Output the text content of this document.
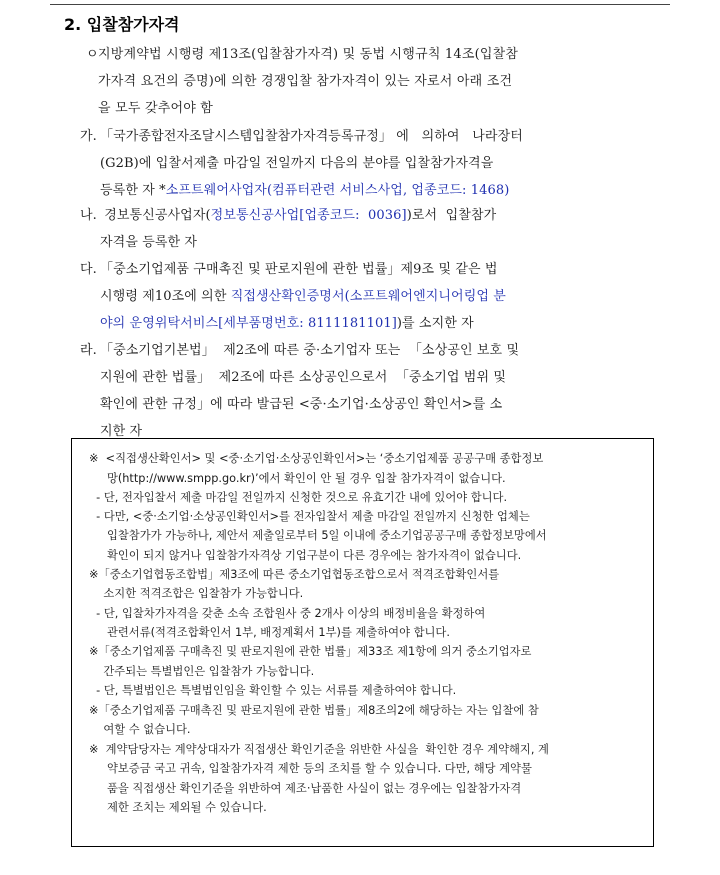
2. 입찰참가자격
ㅇ 지방계약법 시행령 제13조(입찰참가자격) 및 동법 시행규칙 14조(입찰참
가자격 요건의 증명)에 의한 경쟁입찰 참가자격이 있는 자로서 아래 조건
을 모두 갖추어야 함
가. 「국가종합전자조달시스템입찰참가자격등록규정」 에   의하여   나라장터
(G2B)에 입찰서제출 마감일 전일까지 다음의 분야를 입찰참가자격을
등록한 자 *소프트웨어사업자(컴퓨터관련 서비스사업, 업종코드: 1468)
나. 경보통신공사업자(정보통신공사업[업종코드:  0036])로서  입찰참가
자격을 등록한 자
다. 「중소기업제품 구매촉진 및 판로지원에 관한 법률」제9조 및 같은 법
시행령 제10조에 의한 직접생산확인증명서(소프트웨어엔지니어링업 분
야의 운영위탁서비스[세부품명번호: 8111181101])를 소지한 자
라. 「중소기업기본법」  제2조에 따른 중·소기업자 또는  「소상공인 보호 및
지원에 관한 법률」  제2조에 따른 소상공인으로서  「중소기업 범위 및
확인에 관한 규정」에 따라 발급된 <중·소기업·소상공인 확인서>를 소
지한 자
※  <직접생산확인서> 및 <중·소기업·소상공인확인서>는 ‘중소기업제품 공공구매 종합정보
망(http://www.smpp.go.kr)’에서 확인이 안 될 경우 입찰 참가자격이 없습니다.
- 단, 전자입찰서 제출 마감일 전일까지 신청한 것으로 유효기간 내에 있어야 합니다.
- 다만, <중·소기업·소상공인확인서>를 전자입찰서 제출 마감일 전일까지 신청한 업체는
입찰참가가 가능하나, 제안서 제출일로부터 5일 이내에 중소기업공공구매 종합정보망에서
확인이 되지 않거나 입찰참가자격상 기업구분이 다른 경우에는 참가자격이 없습니다.
※「중소기업협동조합법」제3조에 따른 중소기업협동조합으로서 적격조합확인서를
소지한 적격조합은 입찰참가 가능합니다.
- 단, 입찰차가자격을 갖춘 소속 조합원사 중 2개사 이상의 배정비율을 확정하여
관련서류(적격조합확인서 1부, 배정계획서 1부)를 제출하여야 합니다.
※「중소기업제품 구매촉진 및 판로지원에 관한 법률」제33조 제1항에 의거 중소기업자로
간주되는 특별법인은 입찰참가 가능합니다.
- 단, 특별법인은 특별법인임을 확인할 수 있는 서류를 제출하여야 합니다.
※「중소기업제품 구매촉진 및 판로지원에 관한 법률」제8조의2에 해당하는 자는 입찰에 참
여할 수 없습니다.
※  계약담당자는 계약상대자가 직접생산 확인기준을 위반한 사실을  확인한 경우 계약해지, 계
약보증금 국고 귀속, 입찰참가자격 제한 등의 조치를 할 수 있습니다. 다만, 해당 계약물
품을 직접생산 확인기준을 위반하여 제조·납품한 사실이 없는 경우에는 입찰참가자격
제한 조치는 제외될 수 있습니다.
